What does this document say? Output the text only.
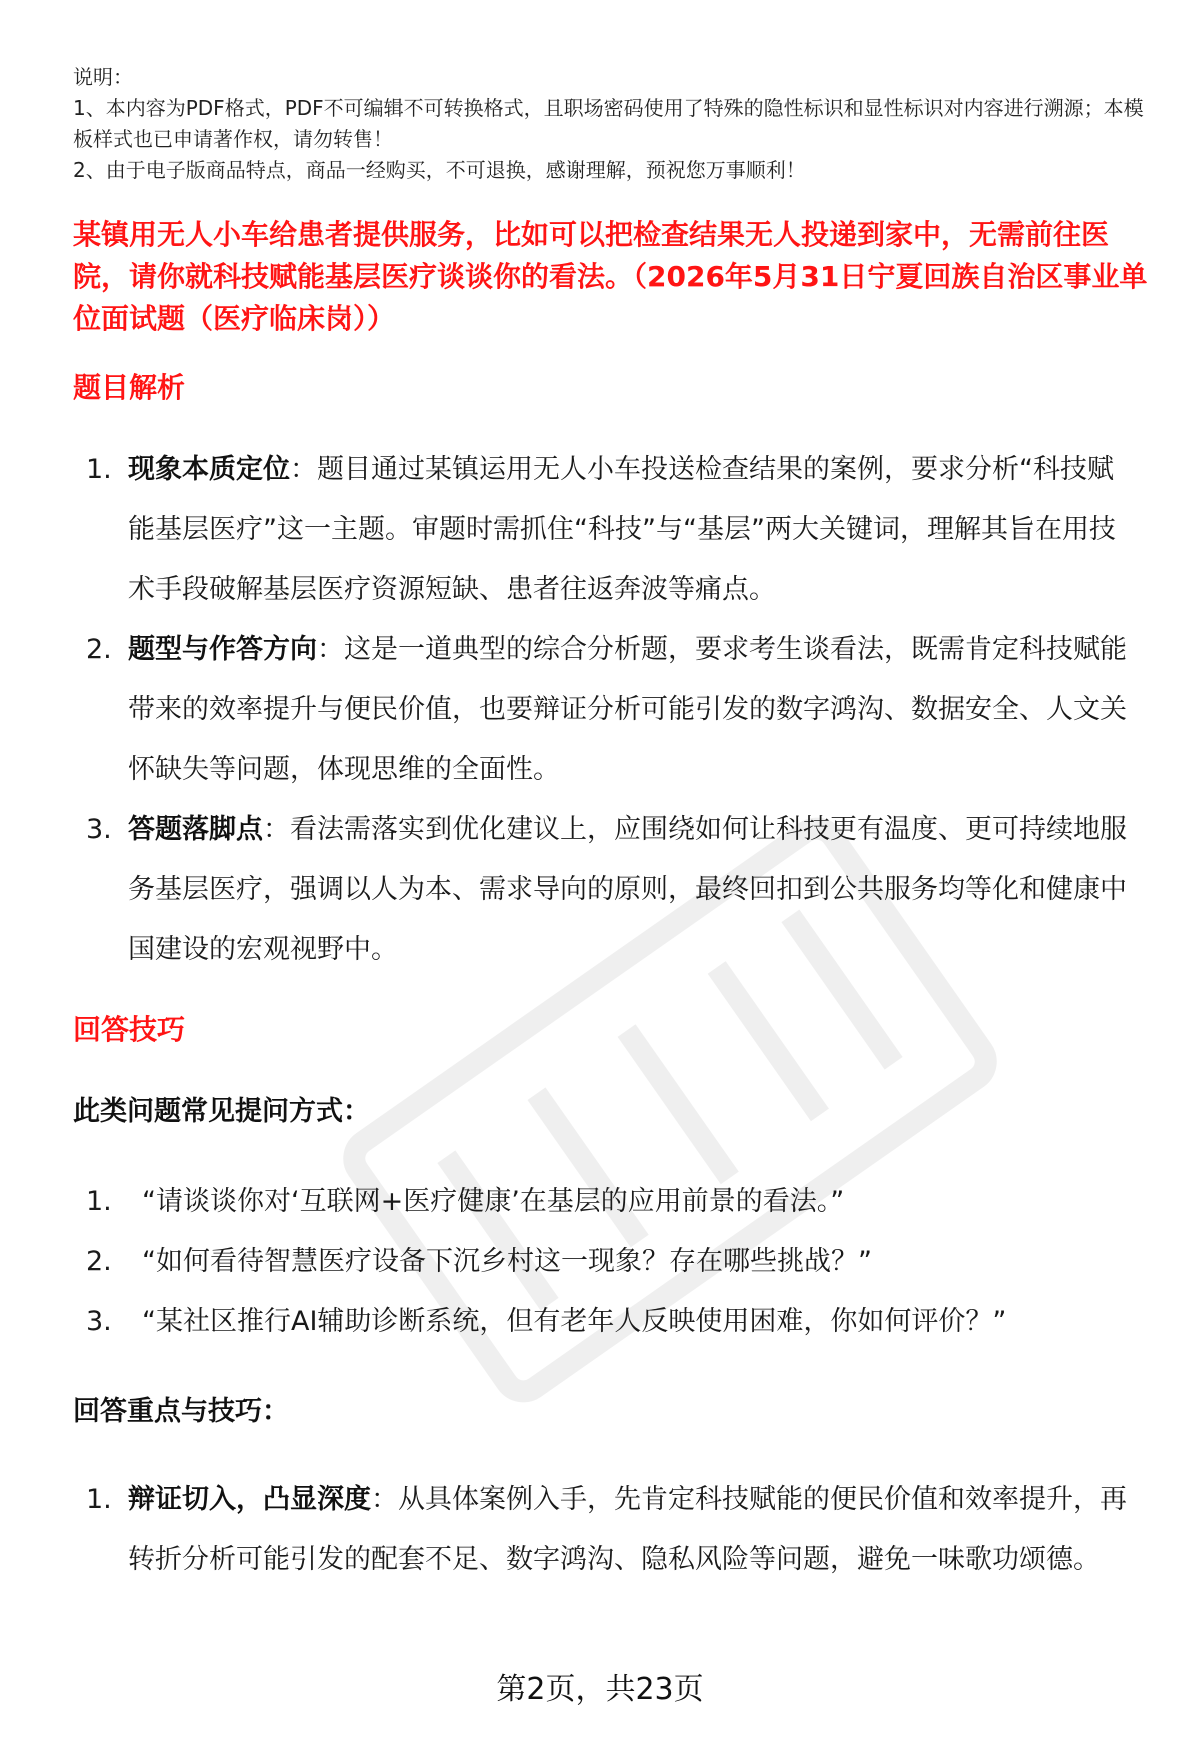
说明：

1、本内容为PDF格式，PDF不可编辑不可转换格式，且职场密码使用了特殊的隐性标识和显性标识对内容进行溯源；本模板样式也已申请著作权，请勿转售！

2、由于电子版商品特点，商品一经购买，不可退换，感谢理解，预祝您万事顺利！

某镇用无人小车给患者提供服务，比如可以把检查结果无人投递到家中，无需前往医院，请你就科技赋能基层医疗谈谈你的看法。（2026年5月31日宁夏回族自治区事业单位面试题（医疗临床岗））
题目解析
1. 现象本质定位：题目通过某镇运用无人小车投送检查结果的案例，要求分析“科技赋能基层医疗”这一主题。审题时需抓住“科技”与“基层”两大关键词，理解其旨在用技术手段破解基层医疗资源短缺、患者往返奔波等痛点。
2. 题型与作答方向：这是一道典型的综合分析题，要求考生谈看法，既需肯定科技赋能带来的效率提升与便民价值，也要辩证分析可能引发的数字鸿沟、数据安全、人文关怀缺失等问题，体现思维的全面性。
3. 答题落脚点：看法需落实到优化建议上，应围绕如何让科技更有温度、更可持续地服务基层医疗，强调以人为本、需求导向的原则，最终回扣到公共服务均等化和健康中国建设的宏观视野中。
回答技巧
此类问题常见提问方式：
1. “请谈谈你对‘互联网+医疗健康’在基层的应用前景的看法。”
2. “如何看待智慧医疗设备下沉乡村这一现象？存在哪些挑战？”
3. “某社区推行AI辅助诊断系统，但有老年人反映使用困难，你如何评价？”
回答重点与技巧：
1. 辩证切入，凸显深度：从具体案例入手，先肯定科技赋能的便民价值和效率提升，再转折分析可能引发的配套不足、数字鸿沟、隐私风险等问题，避免一味歌功颂德。
第2页，共23页
